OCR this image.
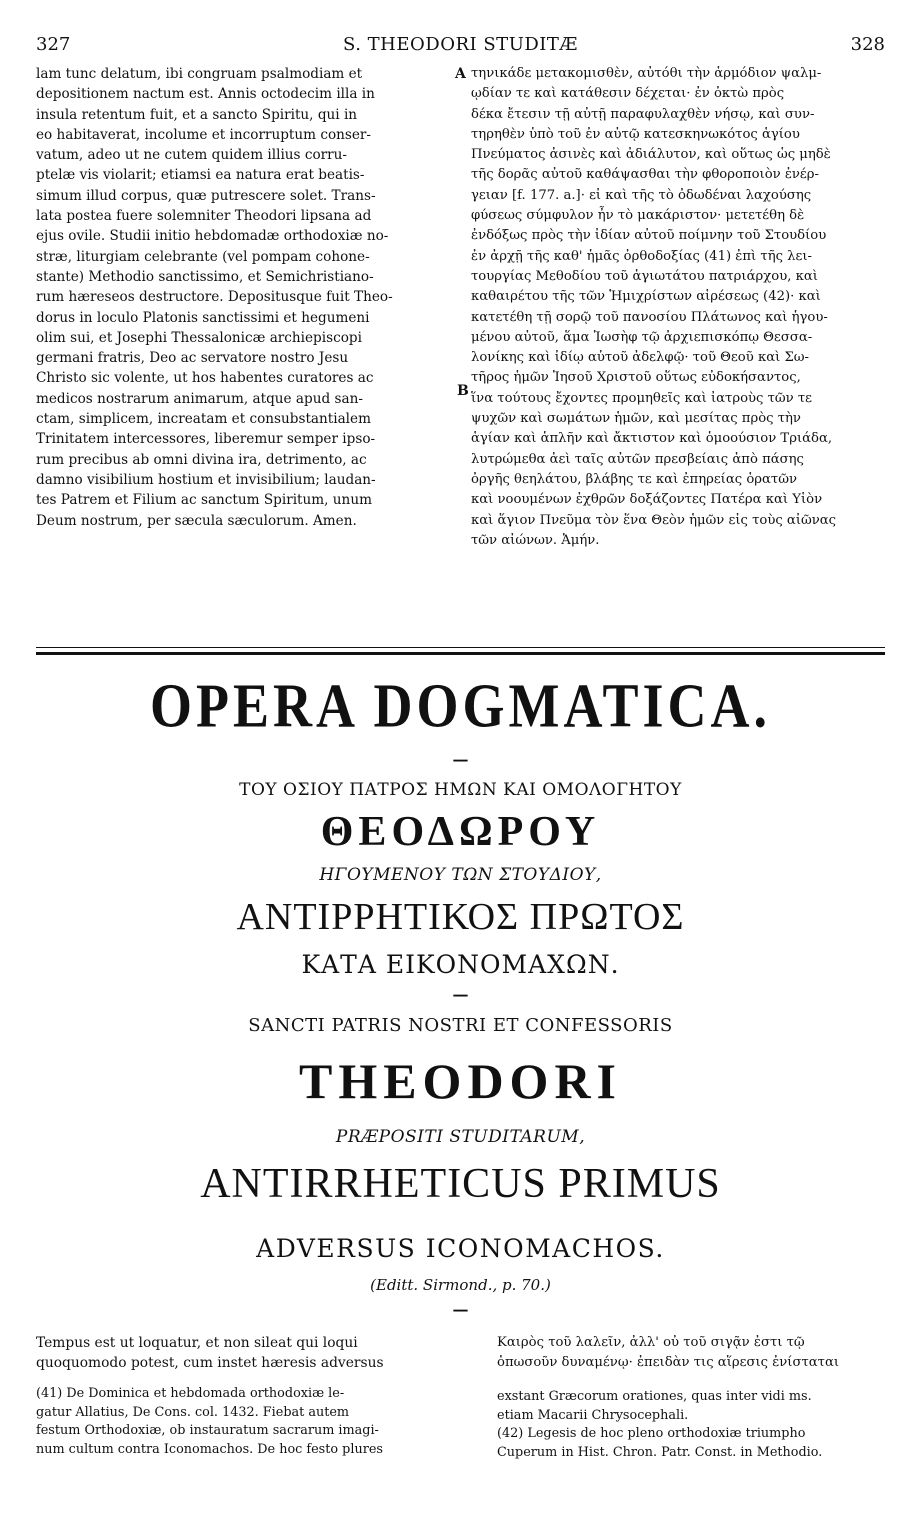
327	S. THEODORI STUDITÆ	328
lam tunc delatum, ibi congruam psalmodiam et
depositionem nactum est. Annis octodecim illa in
insula retentum fuit, et a sancto Spiritu, qui in
eo habitaverat, incolume et incorruptum conser-
vatum, adeo ut ne cutem quidem illius corru-
ptelæ vis violarit; etiamsi ea natura erat beatis-
simum illud corpus, quæ putrescere solet. Trans-
lata postea fuere solemniter Theodori lipsana ad
ejus ovile. Studii initio hebdomadæ orthodoxiæ no-
stræ, liturgiam celebrante (vel pompam cohone-
stante) Methodio sanctissimo, et Semichristiano-
rum hæreseos destructore. Depositusque fuit Theo-
dorus in loculo Platonis sanctissimi et hegumeni
olim sui, et Josephi Thessalonicæ archiepiscopi
germani fratris, Deo ac servatore nostro Jesu
Christo sic volente, ut hos habentes curatores ac
medicos nostrarum animarum, atque apud san-
ctam, simplicem, increatam et consubstantialem
Trinitatem intercessores, liberemur semper ipso-
rum precibus ab omni divina ira, detrimento, ac
damno visibilium hostium et invisibilium; laudan-
tes Patrem et Filium ac sanctum Spiritum, unum
Deum nostrum, per sæcula sæculorum. Amen.
τηνικάδε μετακομισθὲν, αὐτόθι τὴν ἁρμόδιον ψαλμ-
ῳδίαν τε καὶ κατάθεσιν δέχεται· ἐν ὀκτὼ πρὸς
δέκα ἔτεσιν τῇ αὐτῇ παραφυλαχθὲν νήσῳ, καὶ συν-
τηρηθὲν ὑπὸ τοῦ ἐν αὐτῷ κατεσκηνωκότος ἁγίου
Πνεύματος ἀσινὲς καὶ ἀδιάλυτον, καὶ οὕτως ὡς μηδὲ
τῆς δορᾶς αὐτοῦ καθάψασθαι τὴν φθοροποιὸν ἐνέρ-
γειαν [f. 177. a.]· εἰ καὶ τῆς τὸ ὀδωδέναι λαχούσης
φύσεως σύμφυλον ἦν τὸ μακάριστον· μετετέθη δὲ
ἐνδόξως πρὸς τὴν ἰδίαν αὐτοῦ ποίμνην τοῦ Στουδίου
ἐν ἀρχῇ τῆς καθ' ἡμᾶς ὀρθοδοξίας (41) ἐπὶ τῆς λει-
τουργίας Μεθοδίου τοῦ ἁγιωτάτου πατριάρχου, καὶ
καθαιρέτου τῆς τῶν Ἡμιχρίστων αἱρέσεως (42)· καὶ
κατετέθη τῇ σορῷ τοῦ πανοσίου Πλάτωνος καὶ ἡγου-
μένου αὐτοῦ, ἅμα Ἰωσὴφ τῷ ἀρχιεπισκόπῳ Θεσσα-
λονίκης καὶ ἰδίῳ αὐτοῦ ἀδελφῷ· τοῦ Θεοῦ καὶ Σω-
τῆρος ἡμῶν Ἰησοῦ Χριστοῦ οὕτως εὐδοκήσαντος,
ἵνα τούτους ἔχοντες προμηθεῖς καὶ ἰατροὺς τῶν τε
ψυχῶν καὶ σωμάτων ἡμῶν, καὶ μεσίτας πρὸς τὴν
ἁγίαν καὶ ἁπλῆν καὶ ἄκτιστον καὶ ὁμοούσιον Τριάδα,
λυτρώμεθα ἀεὶ ταῖς αὐτῶν πρεσβείαις ἀπὸ πάσης
ὀργῆς θεηλάτου, βλάβης τε καὶ ἐπηρείας ὁρατῶν
καὶ νοουμένων ἐχθρῶν δοξάζοντες Πατέρα καὶ Υἱὸν
καὶ ἅγιον Πνεῦμα τὸν ἕνα Θεὸν ἡμῶν εἰς τοὺς αἰῶνας
τῶν αἰώνων. Ἀμήν.
A
B
OPERA DOGMATICA.
—
ΤΟΥ ΟΣΙΟΥ ΠΑΤΡΟΣ ΗΜΩΝ ΚΑΙ ΟΜΟΛΟΓΗΤΟΥ
ΘΕΟΔΩΡΟΥ
ΗΓΟΥΜΕΝΟΥ ΤΩΝ ΣΤΟΥΔΙΟΥ,
ΑΝΤΙΡΡΗΤΙΚΟΣ ΠΡΩΤΟΣ
ΚΑΤΑ ΕΙΚΟΝΟΜΑΧΩΝ.
—
SANCTI PATRIS NOSTRI ET CONFESSORIS
THEODORI
PRÆPOSITI STUDITARUM,
ANTIRRHETICUS PRIMUS
ADVERSUS ICONOMACHOS.
(Editt. Sirmond., p. 70.)
—
Tempus est ut loquatur, et non sileat qui loqui
quoquomodo potest, cum instet hæresis adversus
(41) De Dominica et hebdomada orthodoxiæ le-
gatur Allatius, De Cons. col. 1432. Fiebat autem
festum Orthodoxiæ, ob instauratum sacrarum imagi-
num cultum contra Iconomachos. De hoc festo plures
Καιρὸς τοῦ λαλεῖν, ἀλλ' οὐ τοῦ σιγᾷν ἐστι τῷ
ὁπωσοῦν δυναμένῳ· ἐπειδὰν τις αἵρεσις ἐνίσταται
exstant Græcorum orationes, quas inter vidi ms.
etiam Macarii Chrysocephali.
(42) Legesis de hoc pleno orthodoxiæ triumpho
Cuperum in Hist. Chron. Patr. Const. in Methodio.
